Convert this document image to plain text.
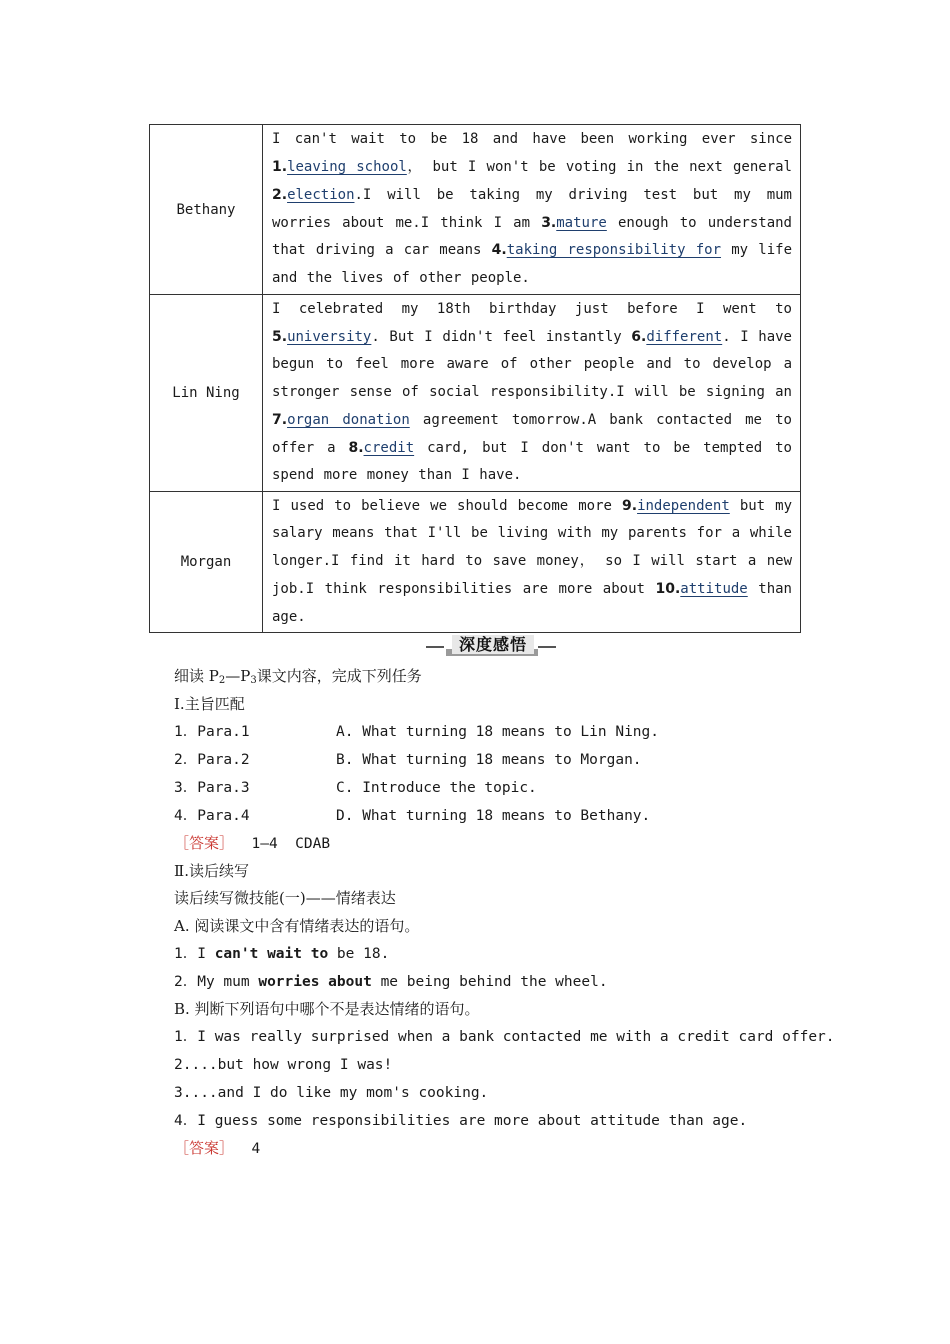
Bethany	I can't wait to be 18 and have been working ever since 1.leaving school， but I won't be voting in the next general 2.election.I will be taking my driving test but my mum worries about me.I think I am 3.mature enough to understand that driving a car means 4.taking responsibility for my life and the lives of other people.

Lin Ning	I celebrated my 18th birthday just before I went to 5.university. But I didn't feel instantly 6.different. I have begun to feel more aware of other people and to develop a stronger sense of social responsibility.I will be signing an 7.organ donation agreement tomorrow.A bank contacted me to offer a 8.credit card, but I don't want to be tempted to spend more money than I have.

Morgan	I used to believe we should become more 9.independent but my salary means that I'll be living with my parents for a while longer.I find it hard to save money， so I will start a new job.I think responsibilities are more about 10.attitude than age.
深度感悟
细读 $P_2—P_3$课文内容，完成下列任务
Ⅰ.主旨匹配
1．Para.1	A. What turning 18 means to Lin Ning.
2．Para.2	B. What turning 18 means to Morgan.
3．Para.3	C. Introduce the topic.
4．Para.4	D. What turning 18 means to Bethany.
［答案］ 1—4  CDAB
Ⅱ.读后续写
读后续写微技能(一)——情绪表达
A. 阅读课文中含有情绪表达的语句。
1．I can't wait to be 18.
2．My mum worries about me being behind the wheel.
B. 判断下列语句中哪个不是表达情绪的语句。
1．I was really surprised when a bank contacted me with a credit card offer.
2....but how wrong I was!
3....and I do like my mom's cooking.
4．I guess some responsibilities are more about attitude than age.
［答案］ 4
